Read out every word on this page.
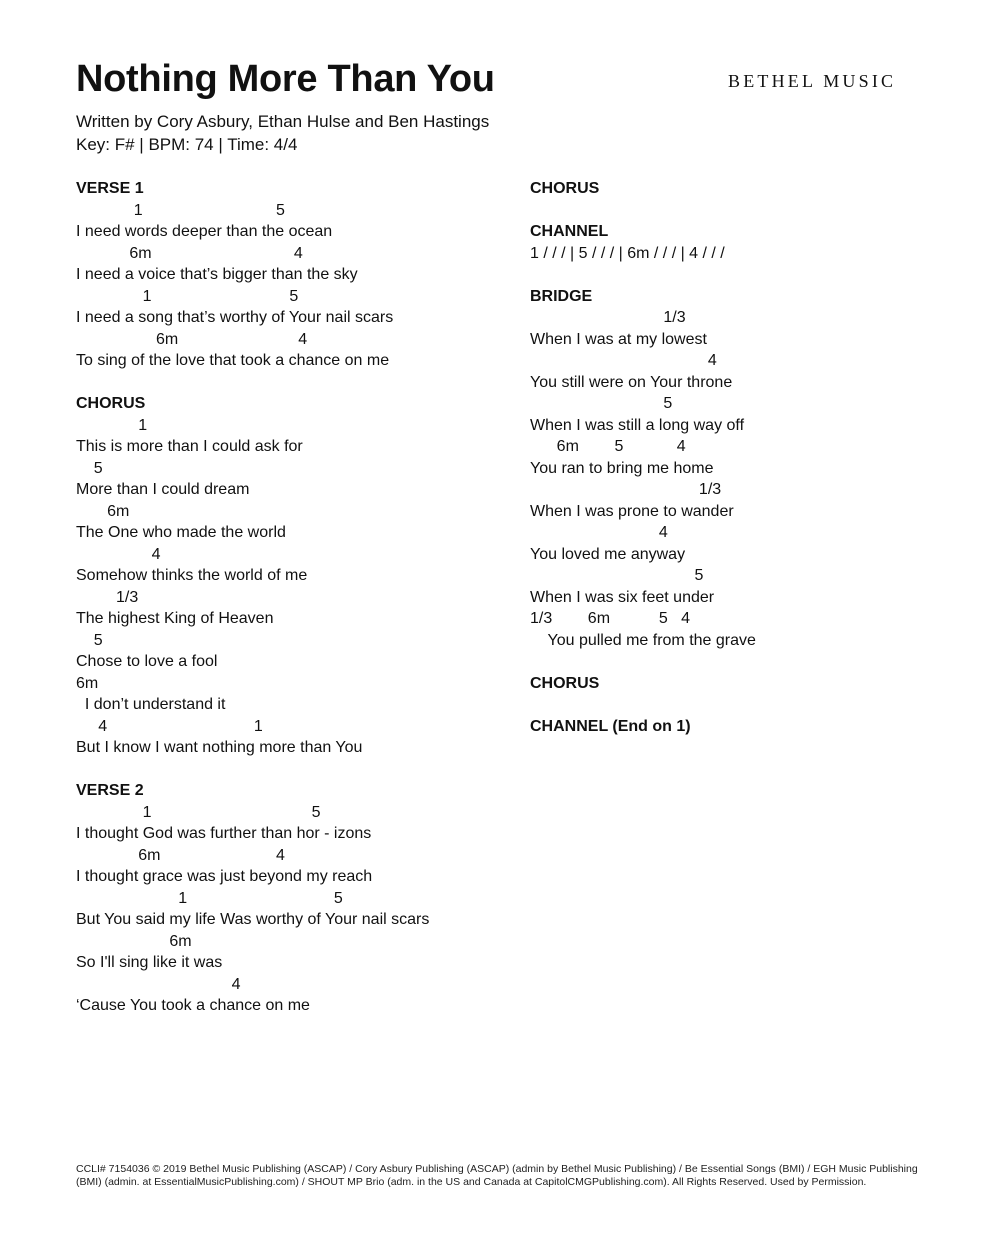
Nothing More Than You	BETHEL MUSIC
Written by Cory Asbury, Ethan Hulse and Ben Hastings
Key: F# | BPM: 74 | Time: 4/4
VERSE 1
1                              5
I need words deeper than the ocean
6m                                4
I need a voice that’s bigger than the sky
1                               5
I need a song that’s worthy of Your nail scars
6m                           4
To sing of the love that took a chance on me
CHORUS
1
This is more than I could ask for
5
More than I could dream
6m
The One who made the world
4
Somehow thinks the world of me
1/3
The highest King of Heaven
5
Chose to love a fool
6m
I don’t understand it
4                                 1
But I know I want nothing more than You
VERSE 2
1                                    5
I thought God was further than hor - izons
6m                          4
I thought grace was just beyond my reach
1                                 5
But You said my life Was worthy of Your nail scars
6m
So I'll sing like it was
4
‘Cause You took a chance on me
CHORUS
CHANNEL
1 / / / | 5 / / / | 6m / / / | 4 / / /
BRIDGE
1/3
When I was at my lowest
4
You still were on Your throne
5
When I was still a long way off
6m        5            4
You ran to bring me home
1/3
When I was prone to wander
4
You loved me anyway
5
When I was six feet under
1/3        6m           5   4
You pulled me from the grave
CHORUS
CHANNEL (End on 1)
CCLI# 7154036 © 2019 Bethel Music Publishing (ASCAP) / Cory Asbury Publishing (ASCAP) (admin by Bethel Music Publishing) / Be Essential Songs (BMI) / EGH Music Publishing (BMI) (admin. at EssentialMusicPublishing.com) / SHOUT MP Brio (adm. in the US and Canada at CapitolCMGPublishing.com). All Rights Reserved. Used by Permission.
